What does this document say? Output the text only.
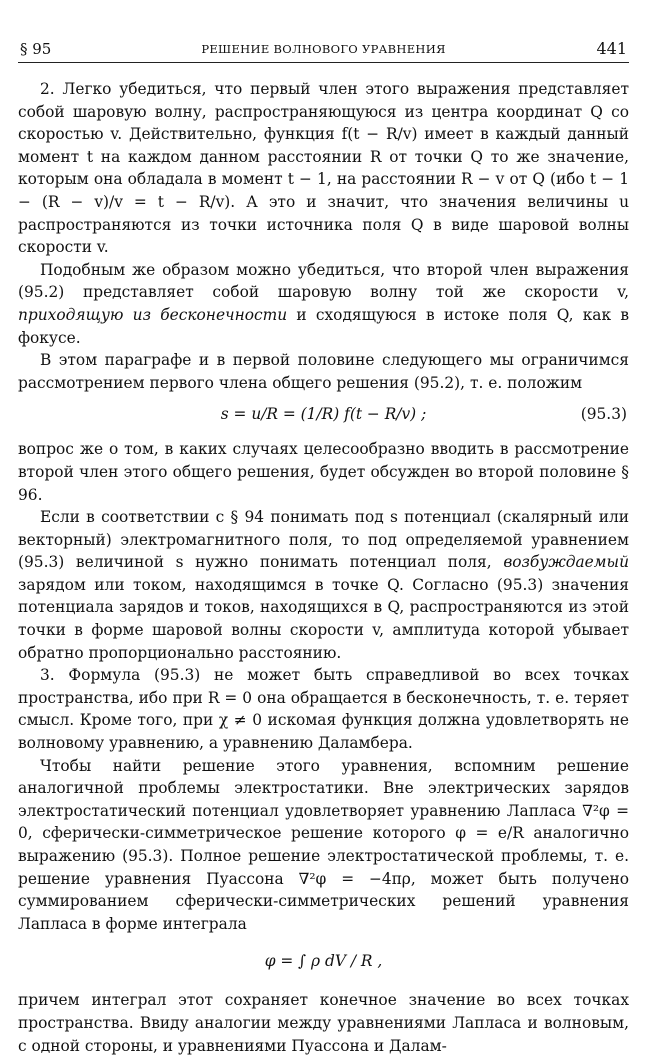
§ 95	РЕШЕНИЕ ВОЛНОВОГО УРАВНЕНИЯ	441

2. Легко убедиться, что первый член этого выражения представляет собой шаровую волну, распространяющуюся из центра координат Q со скоростью v. Действительно, функция f(t − R/v) имеет в каждый данный момент t на каждом данном расстоянии R от точки Q то же значение, которым она обладала в момент t − 1, на расстоянии R − v от Q (ибо t − 1 − (R − v)/v = t − R/v). А это и значит, что значения величины u распространяются из точки источника поля Q в виде шаровой волны скорости v.

Подобным же образом можно убедиться, что второй член выражения (95.2) представляет собой шаровую волну той же скорости v, приходящую из бесконечности и сходящуюся в истоке поля Q, как в фокусе.

В этом параграфе и в первой половине следующего мы ограничимся рассмотрением первого члена общего решения (95.2), т. е. положим

s = u/R = (1/R) f(t − R/v) ;	(95.3)

вопрос же о том, в каких случаях целесообразно вводить в рассмотрение второй член этого общего решения, будет обсужден во второй половине § 96.

Если в соответствии с § 94 понимать под s потенциал (скалярный или векторный) электромагнитного поля, то под определяемой уравнением (95.3) величиной s нужно понимать потенциал поля, возбуждаемый зарядом или током, находящимся в точке Q. Согласно (95.3) значения потенциала зарядов и токов, находящихся в Q, распространяются из этой точки в форме шаровой волны скорости v, амплитуда которой убывает обратно пропорционально расстоянию.

3. Формула (95.3) не может быть справедливой во всех точках пространства, ибо при R = 0 она обращается в бесконечность, т. е. теряет смысл. Кроме того, при χ ≠ 0 искомая функция должна удовлетворять не волновому уравнению, а уравнению Даламбера.

Чтобы найти решение этого уравнения, вспомним решение аналогичной проблемы электростатики. Вне электрических зарядов электростатический потенциал удовлетворяет уравнению Лапласа ∇²φ = 0, сферически-симметрическое решение которого φ = e/R аналогично выражению (95.3). Полное решение электростатической проблемы, т. е. решение уравнения Пуассона ∇²φ = −4πρ, может быть получено суммированием сферически-симметрических решений уравнения Лапласа в форме интеграла

φ = ∫ ρ dV / R ,

причем интеграл этот сохраняет конечное значение во всех точках пространства. Ввиду аналогии между уравнениями Лапласа и волновым, с одной стороны, и уравнениями Пуассона и Далам-
